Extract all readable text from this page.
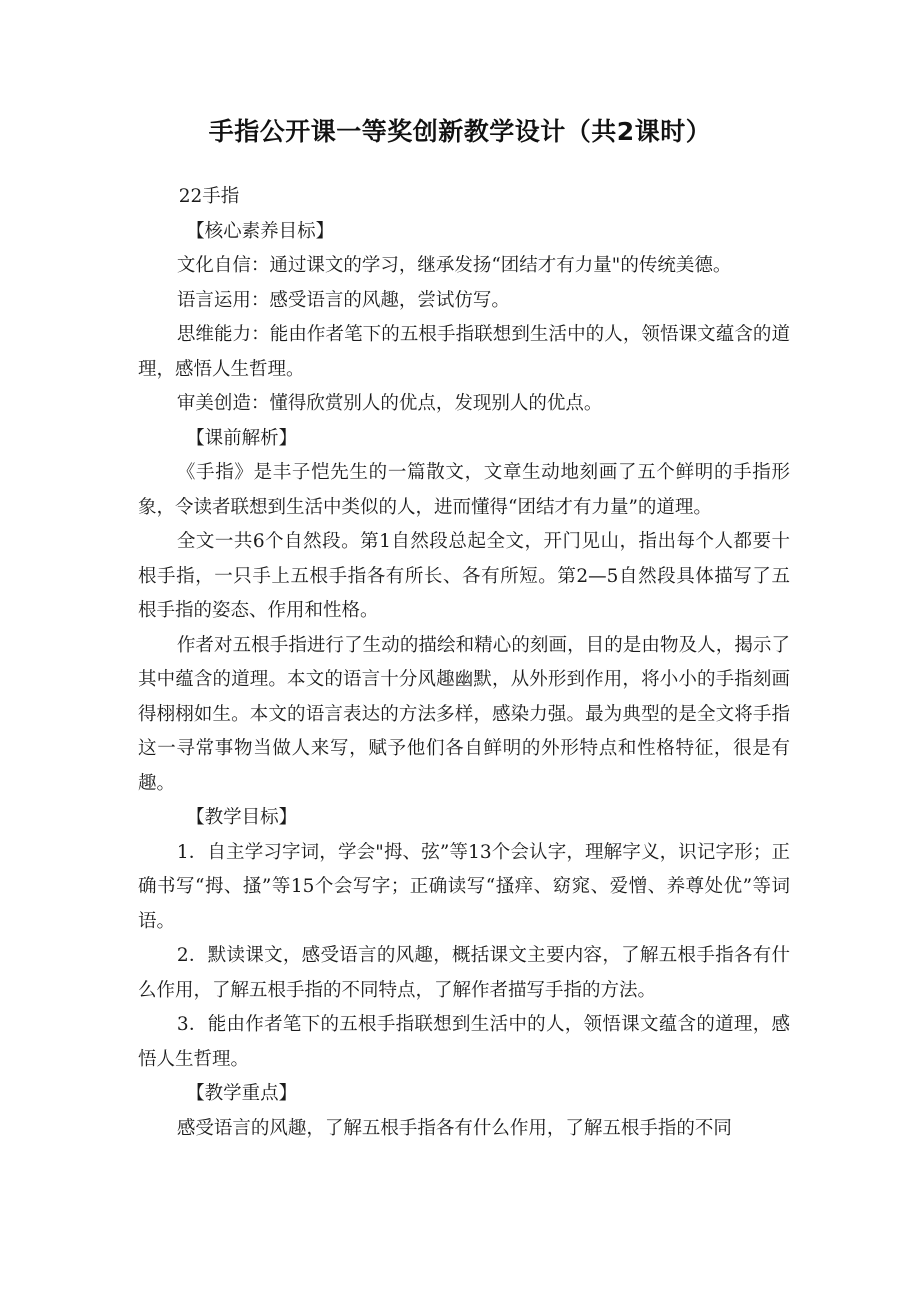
手指公开课一等奖创新教学设计（共2课时）

22手指

【核心素养目标】

文化自信：通过课文的学习，继承发扬“团结才有力量"的传统美德。

语言运用：感受语言的风趣，尝试仿写。

思维能力：能由作者笔下的五根手指联想到生活中的人，领悟课文蕴含的道理，感悟人生哲理。

审美创造：懂得欣赏别人的优点，发现别人的优点。

【课前解析】

《手指》是丰子恺先生的一篇散文，文章生动地刻画了五个鲜明的手指形象，令读者联想到生活中类似的人，进而懂得“团结才有力量”的道理。

全文一共6个自然段。第1自然段总起全文，开门见山，指出每个人都要十根手指，一只手上五根手指各有所长、各有所短。第2—5自然段具体描写了五根手指的姿态、作用和性格。

作者对五根手指进行了生动的描绘和精心的刻画，目的是由物及人，揭示了其中蕴含的道理。本文的语言十分风趣幽默，从外形到作用，将小小的手指刻画得栩栩如生。本文的语言表达的方法多样，感染力强。最为典型的是全文将手指这一寻常事物当做人来写，赋予他们各自鲜明的外形特点和性格特征，很是有趣。

【教学目标】

1．自主学习字词，学会"拇、弦”等13个会认字，理解字义，识记字形；正确书写“拇、搔”等15个会写字；正确读写“搔痒、窈窕、爱憎、养尊处优”等词语。

2．默读课文，感受语言的风趣，概括课文主要内容，了解五根手指各有什么作用，了解五根手指的不同特点，了解作者描写手指的方法。

3．能由作者笔下的五根手指联想到生活中的人，领悟课文蕴含的道理，感悟人生哲理。

【教学重点】

感受语言的风趣，了解五根手指各有什么作用，了解五根手指的不同
